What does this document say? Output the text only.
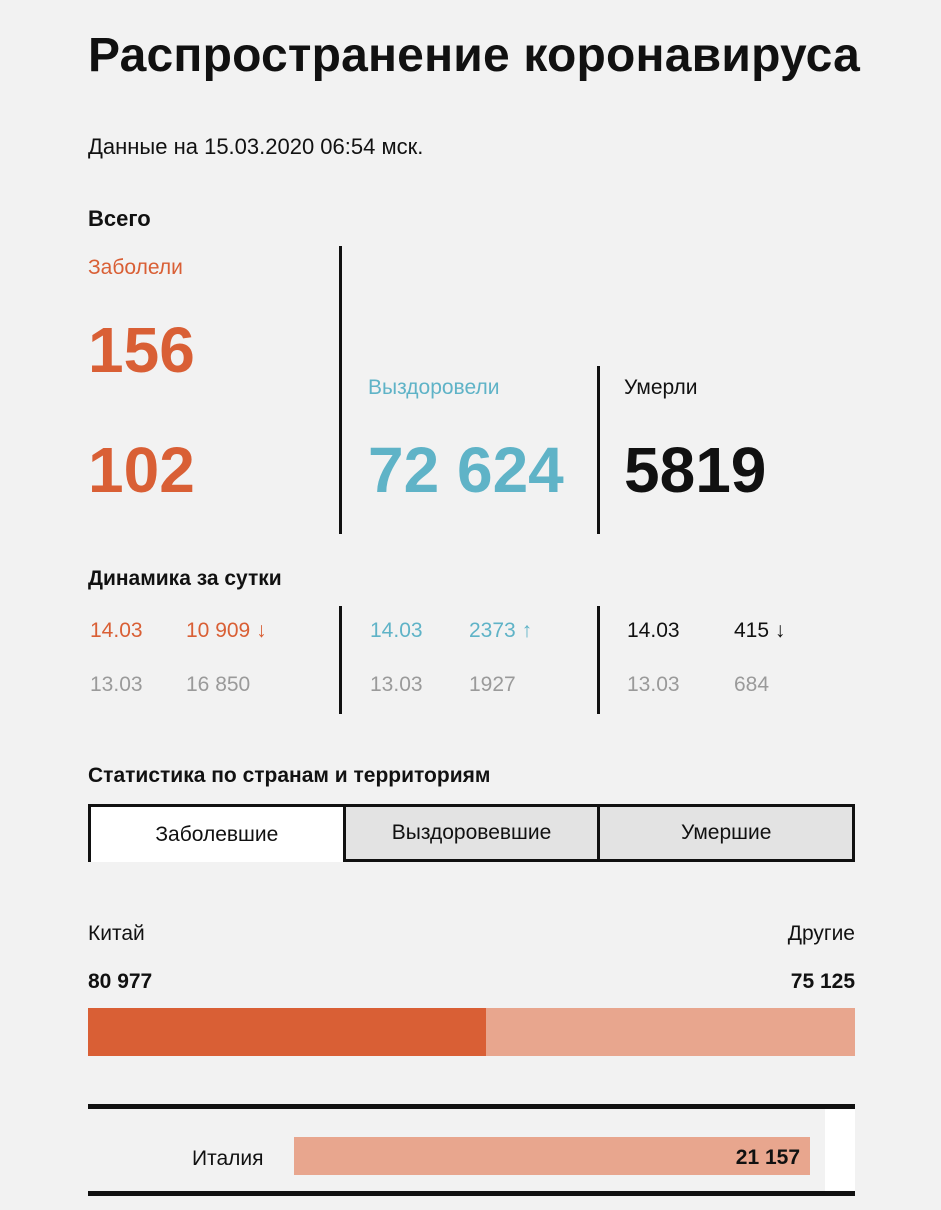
Распространение коронавируса
Данные на 15.03.2020 06:54 мск.
Всего
Заболели
156
102
Выздоровели
72 624
Умерли
5819
Динамика за сутки
14.03 10 909 ↓
13.03 16 850
14.03 2373 ↑
13.03 1927
14.03	415 ↓
13.03	684
Статистика по странам и территориям
Заболевшие	Выздоровевшие	Умершие
Китай	Другие
80 977	75 125
Италия	21 157
